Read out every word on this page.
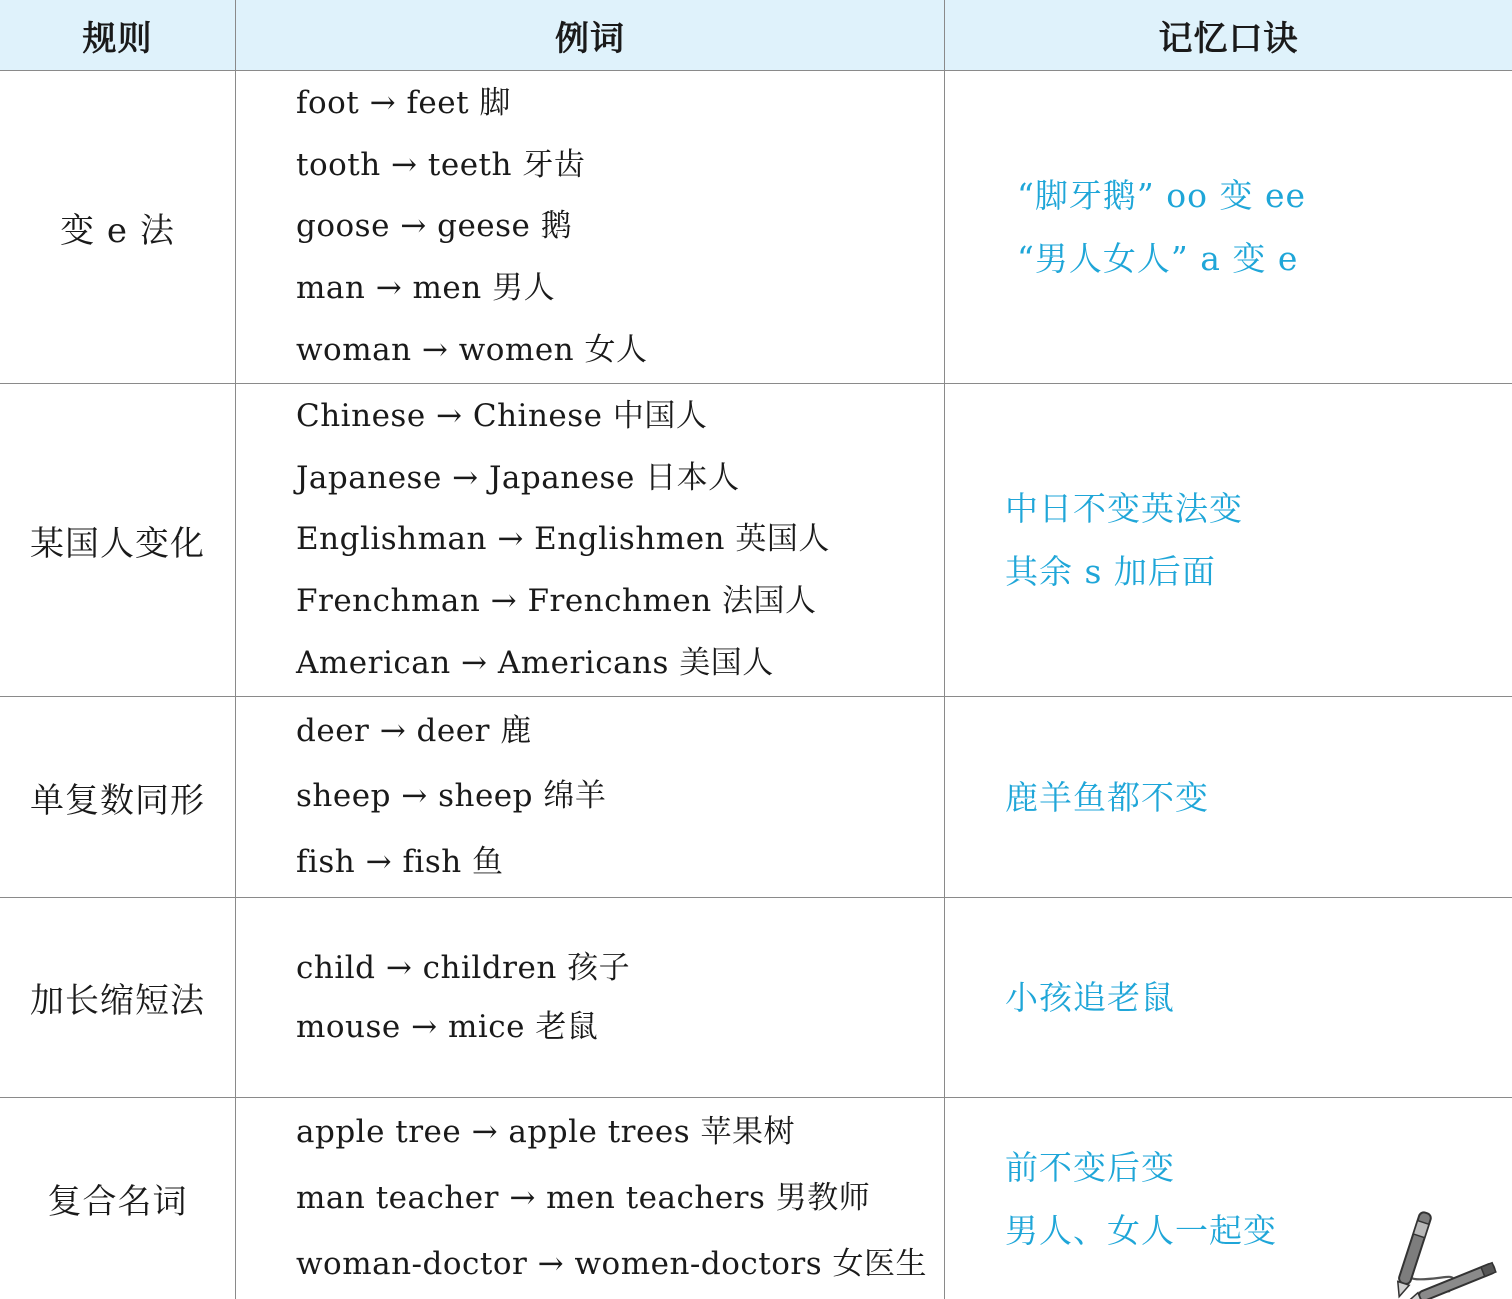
规则	例词	记忆口诀
变 e 法
foot → feet 脚
tooth → teeth 牙齿
goose → geese 鹅
man → men 男人
woman → women 女人
“脚牙鹅” oo 变 ee
“男人女人” a 变 e
某国人变化
Chinese → Chinese 中国人
Japanese → Japanese 日本人
Englishman → Englishmen 英国人
Frenchman → Frenchmen 法国人
American → Americans 美国人
中日不变英法变
其余 s 加后面
单复数同形
deer → deer 鹿
sheep → sheep 绵羊
fish → fish 鱼
鹿羊鱼都不变
加长缩短法
child → children 孩子
mouse → mice 老鼠
小孩追老鼠
复合名词
apple tree → apple trees 苹果树
man teacher → men teachers 男教师
woman-doctor → women-doctors 女医生
前不变后变
男人、女人一起变
